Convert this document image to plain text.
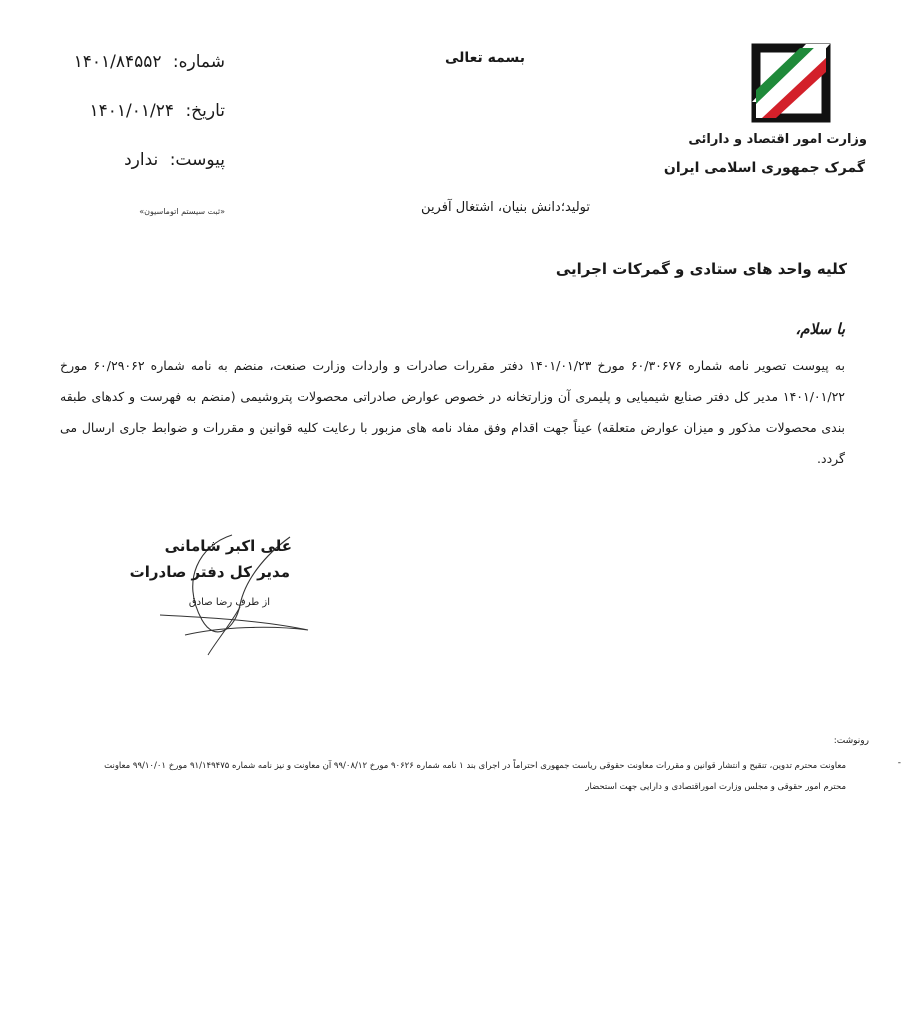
وزارت امور اقتصاد و دارائی
گمرک جمهوری اسلامی ایران
بسمه تعالی
شماره: ۱۴۰۱/۸۴۵۵۲
تاریخ: ۱۴۰۱/۰۱/۲۴
پیوست: ندارد
«ثبت سیستم اتوماسیون»	تولید؛دانش بنیان، اشتغال آفرین
کلیه واحد های ستادی و گمرکات اجرایی
با سلام،
به پیوست تصویر نامه شماره ۶۰/۳۰۶۷۶ مورخ ۱۴۰۱/۰۱/۲۳ دفتر مقررات صادرات و واردات وزارت صنعت، منضم به نامه شماره ۶۰/۲۹۰۶۲ مورخ ۱۴۰۱/۰۱/۲۲ مدیر کل دفتر صنایع شیمیایی و پلیمری آن وزارتخانه در خصوص عوارض صادراتی محصولات پتروشیمی (منضم به فهرست و کدهای طبقه بندی محصولات مذکور و میزان عوارض متعلقه) عیناً جهت اقدام وفق مفاد نامه های مزبور با رعایت کلیه قوانین و مقررات و ضوابط جاری ارسال می گردد.
علی اکبر شامانی
مدیر کل دفتر صادرات
از طرف رضا صادق
رونوشت:
-
معاونت محترم تدوین، تنقیح و انتشار قوانین و مقررات معاونت حقوقی ریاست جمهوری احتراماً در اجرای بند ۱ نامه شماره ۹۰۶۲۶ مورخ ۹۹/۰۸/۱۲ آن معاونت و نیز نامه شماره ۹۱/۱۴۹۴۷۵ مورخ ۹۹/۱۰/۰۱ معاونت محترم امور حقوقی و مجلس وزارت اموراقتصادی و دارایی جهت استحضار
